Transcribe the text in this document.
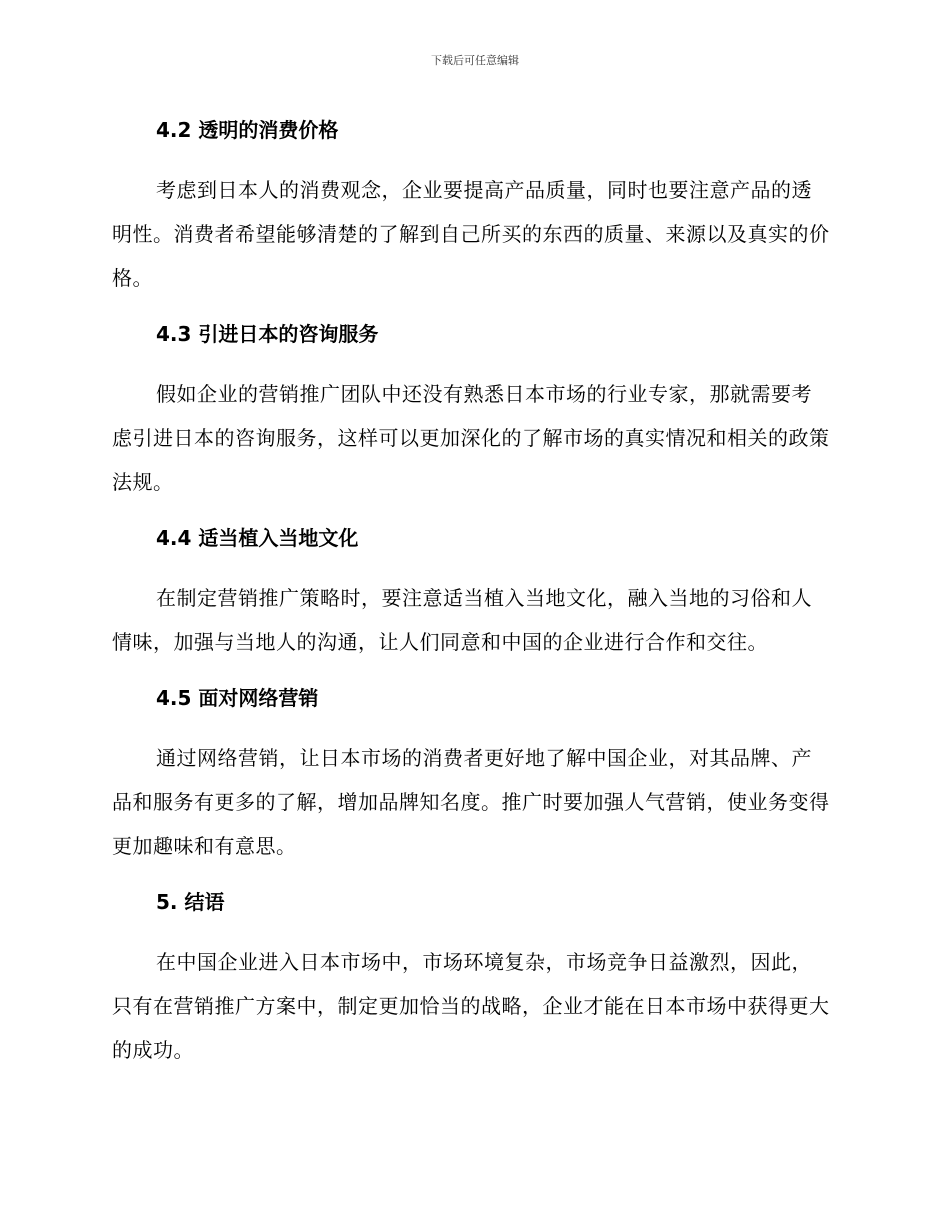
下载后可任意编辑
4.2 透明的消费价格

考虑到日本人的消费观念，企业要提高产品质量，同时也要注意产品的透明性。消费者希望能够清楚的了解到自己所买的东西的质量、来源以及真实的价格。

4.3 引进日本的咨询服务

假如企业的营销推广团队中还没有熟悉日本市场的行业专家，那就需要考虑引进日本的咨询服务，这样可以更加深化的了解市场的真实情况和相关的政策法规。

4.4 适当植入当地文化

在制定营销推广策略时，要注意适当植入当地文化，融入当地的习俗和人情味，加强与当地人的沟通，让人们同意和中国的企业进行合作和交往。

4.5 面对网络营销

通过网络营销，让日本市场的消费者更好地了解中国企业，对其品牌、产品和服务有更多的了解，增加品牌知名度。推广时要加强人气营销，使业务变得更加趣味和有意思。

5. 结语

在中国企业进入日本市场中，市场环境复杂，市场竞争日益激烈，因此，只有在营销推广方案中，制定更加恰当的战略，企业才能在日本市场中获得更大的成功。
